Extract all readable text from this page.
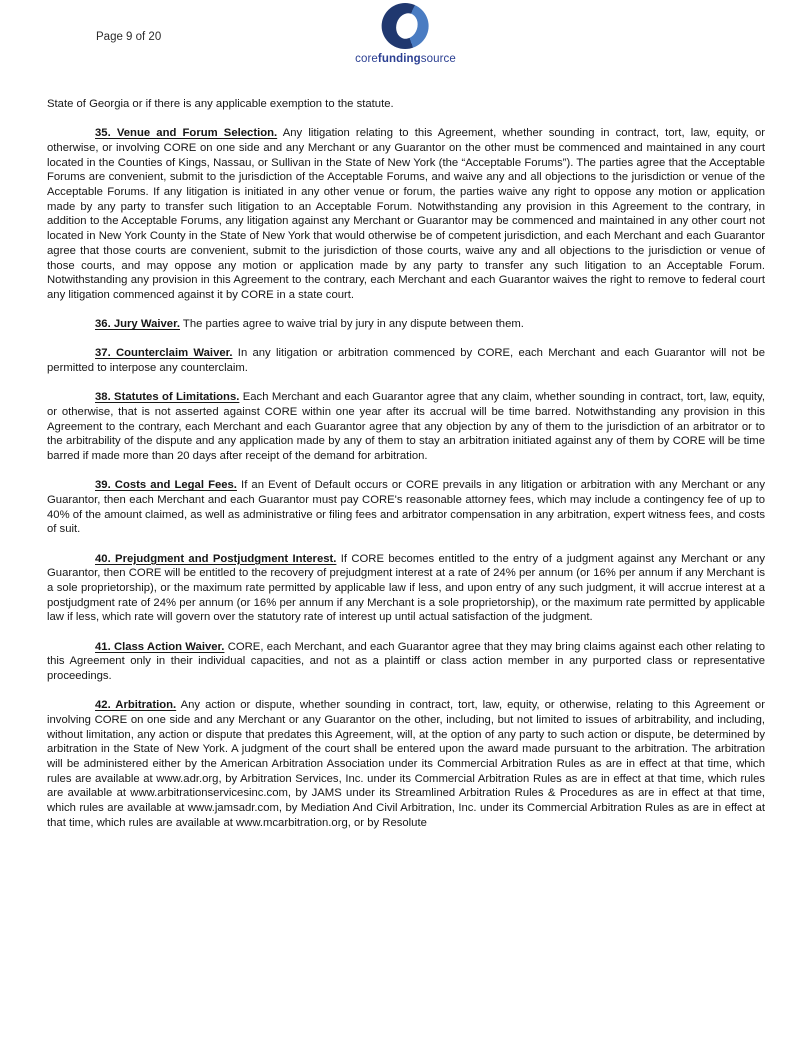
Page 9 of 20
corefundingsource

State of Georgia or if there is any applicable exemption to the statute.

35. Venue and Forum Selection. Any litigation relating to this Agreement, whether sounding in contract, tort, law, equity, or otherwise, or involving CORE on one side and any Merchant or any Guarantor on the other must be commenced and maintained in any court located in the Counties of Kings, Nassau, or Sullivan in the State of New York (the “Acceptable Forums”). The parties agree that the Acceptable Forums are convenient, submit to the jurisdiction of the Acceptable Forums, and waive any and all objections to the jurisdiction or venue of the Acceptable Forums. If any litigation is initiated in any other venue or forum, the parties waive any right to oppose any motion or application made by any party to transfer such litigation to an Acceptable Forum. Notwithstanding any provision in this Agreement to the contrary, in addition to the Acceptable Forums, any litigation against any Merchant or Guarantor may be commenced and maintained in any other court not located in New York County in the State of New York that would otherwise be of competent jurisdiction, and each Merchant and each Guarantor agree that those courts are convenient, submit to the jurisdiction of those courts, waive any and all objections to the jurisdiction or venue of those courts, and may oppose any motion or application made by any party to transfer any such litigation to an Acceptable Forum. Notwithstanding any provision in this Agreement to the contrary, each Merchant and each Guarantor waives the right to remove to federal court any litigation commenced against it by CORE in a state court.

36. Jury Waiver. The parties agree to waive trial by jury in any dispute between them.

37. Counterclaim Waiver. In any litigation or arbitration commenced by CORE, each Merchant and each Guarantor will not be permitted to interpose any counterclaim.

38. Statutes of Limitations. Each Merchant and each Guarantor agree that any claim, whether sounding in contract, tort, law, equity, or otherwise, that is not asserted against CORE within one year after its accrual will be time barred. Notwithstanding any provision in this Agreement to the contrary, each Merchant and each Guarantor agree that any objection by any of them to the jurisdiction of an arbitrator or to the arbitrability of the dispute and any application made by any of them to stay an arbitration initiated against any of them by CORE will be time barred if made more than 20 days after receipt of the demand for arbitration.

39. Costs and Legal Fees. If an Event of Default occurs or CORE prevails in any litigation or arbitration with any Merchant or any Guarantor, then each Merchant and each Guarantor must pay CORE's reasonable attorney fees, which may include a contingency fee of up to 40% of the amount claimed, as well as administrative or filing fees and arbitrator compensation in any arbitration, expert witness fees, and costs of suit.

40. Prejudgment and Postjudgment Interest. If CORE becomes entitled to the entry of a judgment against any Merchant or any Guarantor, then CORE will be entitled to the recovery of prejudgment interest at a rate of 24% per annum (or 16% per annum if any Merchant is a sole proprietorship), or the maximum rate permitted by applicable law if less, and upon entry of any such judgment, it will accrue interest at a postjudgment rate of 24% per annum (or 16% per annum if any Merchant is a sole proprietorship), or the maximum rate permitted by applicable law if less, which rate will govern over the statutory rate of interest up until actual satisfaction of the judgment.

41. Class Action Waiver. CORE, each Merchant, and each Guarantor agree that they may bring claims against each other relating to this Agreement only in their individual capacities, and not as a plaintiff or class action member in any purported class or representative proceedings.

42. Arbitration. Any action or dispute, whether sounding in contract, tort, law, equity, or otherwise, relating to this Agreement or involving CORE on one side and any Merchant or any Guarantor on the other, including, but not limited to issues of arbitrability, and including, without limitation, any action or dispute that predates this Agreement, will, at the option of any party to such action or dispute, be determined by arbitration in the State of New York. A judgment of the court shall be entered upon the award made pursuant to the arbitration. The arbitration will be administered either by the American Arbitration Association under its Commercial Arbitration Rules as are in effect at that time, which rules are available at www.adr.org, by Arbitration Services, Inc. under its Commercial Arbitration Rules as are in effect at that time, which rules are available at www.arbitrationservicesinc.com, by JAMS under its Streamlined Arbitration Rules & Procedures as are in effect at that time, which rules are available at www.jamsadr.com, by Mediation And Civil Arbitration, Inc. under its Commercial Arbitration Rules as are in effect at that time, which rules are available at www.mcarbitration.org, or by Resolute
